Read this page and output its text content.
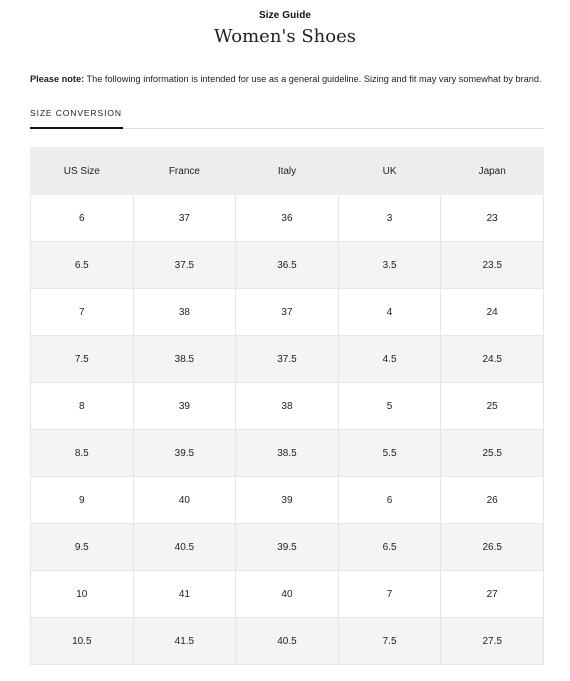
Size Guide
Women's Shoes
Please note: The following information is intended for use as a general guideline. Sizing and fit may vary somewhat by brand.
SIZE CONVERSION
US Size	France	Italy	UK	Japan
6	37	36	3	23
6.5	37.5	36.5	3.5	23.5
7	38	37	4	24
7.5	38.5	37.5	4.5	24.5
8	39	38	5	25
8.5	39.5	38.5	5.5	25.5
9	40	39	6	26
9.5	40.5	39.5	6.5	26.5
10	41	40	7	27
10.5	41.5	40.5	7.5	27.5
